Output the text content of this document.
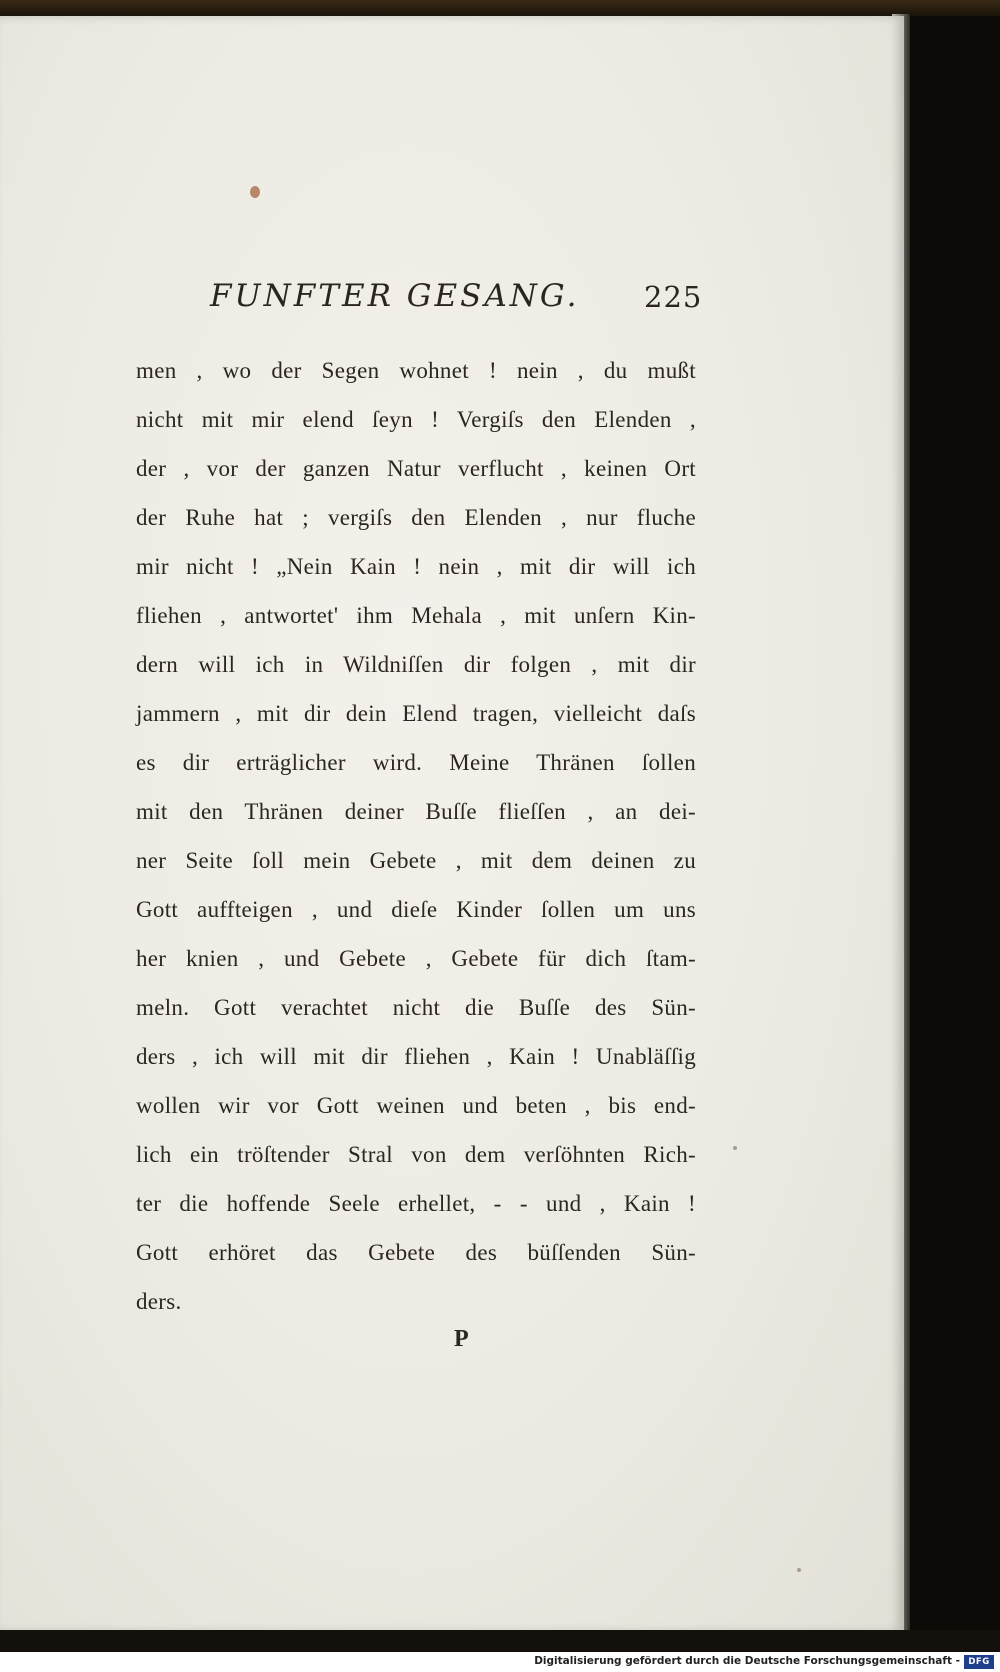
FUNFTER GESANG. 225
men , wo der Segen wohnet ! nein , du mußt
nicht mit mir elend ſeyn ! Vergiſs den Elenden ,
der , vor der ganzen Natur verflucht , keinen Ort
der Ruhe hat ; vergiſs den Elenden , nur fluche
mir nicht ! „Nein Kain ! nein , mit dir will ich
fliehen , antwortet' ihm Mehala , mit unſern Kin-
dern will ich in Wildniſſen dir folgen , mit dir
jammern , mit dir dein Elend tragen, vielleicht daſs
es dir erträglicher wird. Meine Thränen ſollen
mit den Thränen deiner Buſſe flieſſen , an dei-
ner Seite ſoll mein Gebete , mit dem deinen zu
Gott auffteigen , und dieſe Kinder ſollen um uns
her knien , und Gebete , Gebete für dich ſtam-
meln. Gott verachtet nicht die Buſſe des Sün-
ders , ich will mit dir fliehen , Kain ! Unabläſſig
wollen wir vor Gott weinen und beten , bis end-
lich ein tröſtender Stral von dem verſöhnten Rich-
ter die hoffende Seele erhellet, - - und , Kain !
Gott erhöret das Gebete des büſſenden Sün-
ders.
P
Digitalisierung gefördert durch die Deutsche Forschungsgemeinschaft - DFG
